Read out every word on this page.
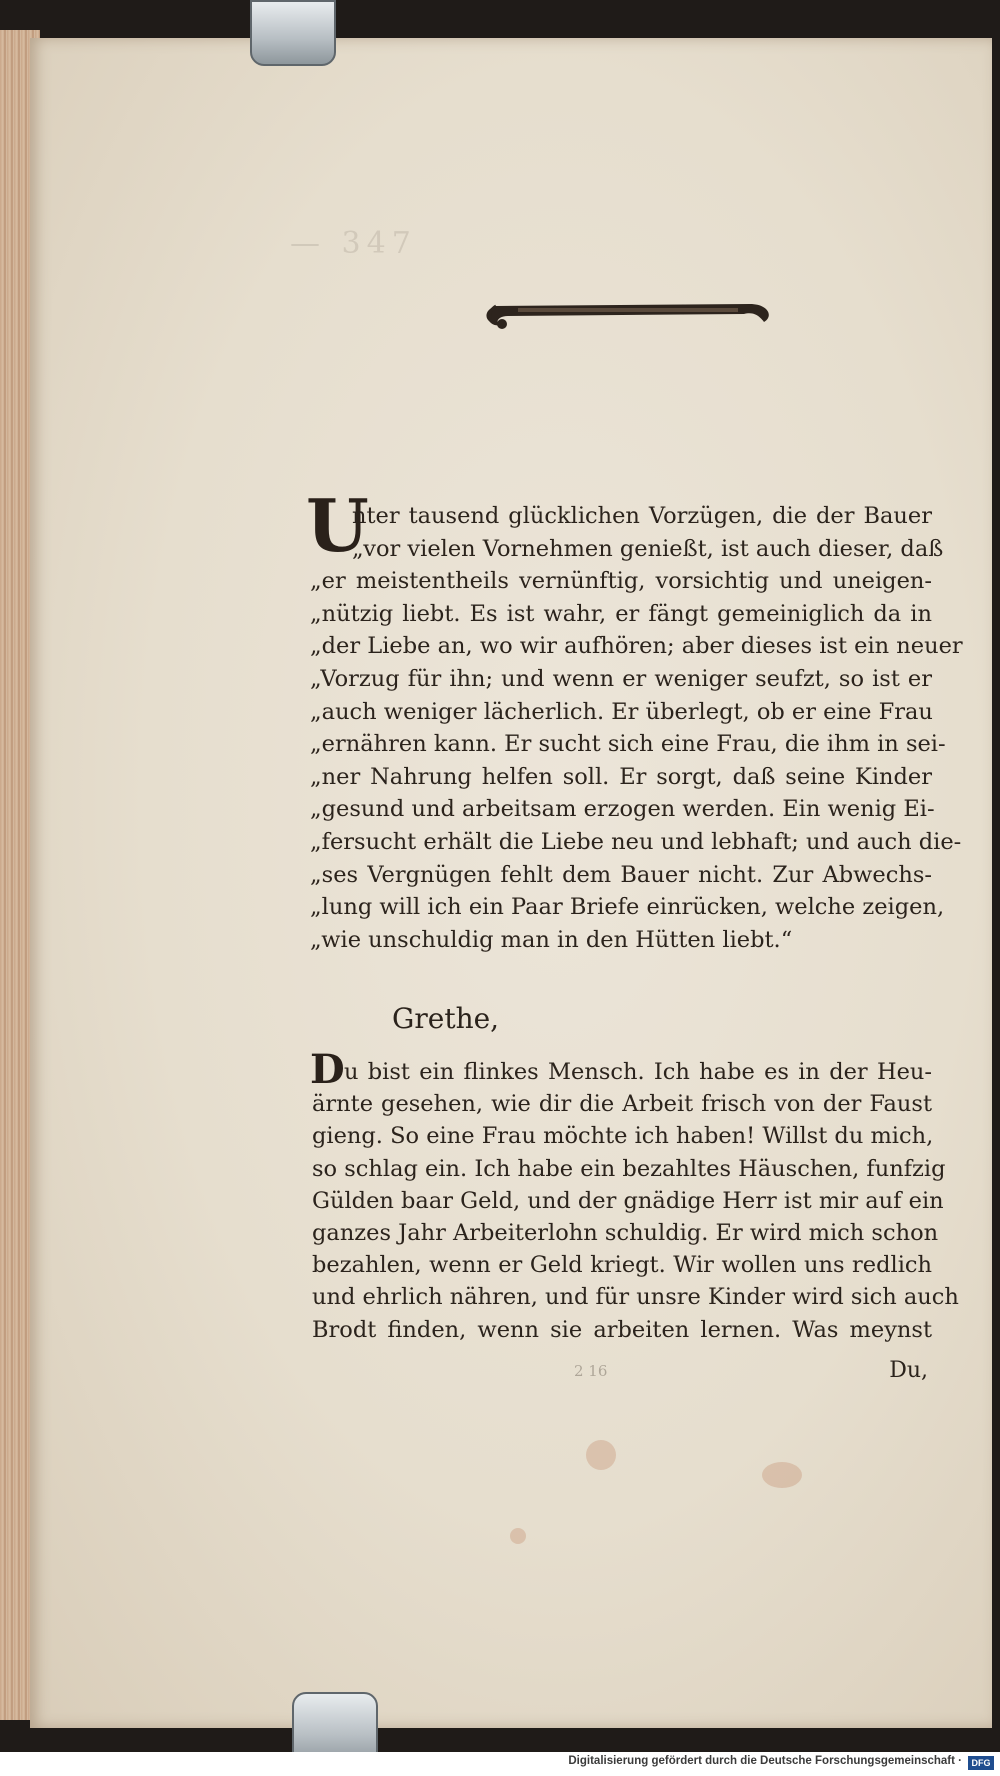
— 347
U
nter tausend glücklichen Vorzügen, die der Bauer
„vor vielen Vornehmen genießt, ist auch dieser, daß
„er meistentheils vernünftig, vorsichtig und uneigen-
„nützig liebt. Es ist wahr, er fängt gemeiniglich da in
„der Liebe an, wo wir aufhören; aber dieses ist ein neuer
„Vorzug für ihn; und wenn er weniger seufzt, so ist er
„auch weniger lächerlich. Er überlegt, ob er eine Frau
„ernähren kann. Er sucht sich eine Frau, die ihm in sei-
„ner Nahrung helfen soll. Er sorgt, daß seine Kinder
„gesund und arbeitsam erzogen werden. Ein wenig Ei-
„fersucht erhält die Liebe neu und lebhaft; und auch die-
„ses Vergnügen fehlt dem Bauer nicht. Zur Abwechs-
„lung will ich ein Paar Briefe einrücken, welche zeigen,
„wie unschuldig man in den Hütten liebt.“
Grethe,
D u bist ein flinkes Mensch. Ich habe es in der Heu-
ärnte gesehen, wie dir die Arbeit frisch von der Faust
gieng. So eine Frau möchte ich haben! Willst du mich,
so schlag ein. Ich habe ein bezahltes Häuschen, funfzig
Gülden baar Geld, und der gnädige Herr ist mir auf ein
ganzes Jahr Arbeiterlohn schuldig. Er wird mich schon
bezahlen, wenn er Geld kriegt. Wir wollen uns redlich
und ehrlich nähren, und für unsre Kinder wird sich auch
Brodt finden, wenn sie arbeiten lernen. Was meynst
2 16	Du,
Digitalisierung gefördert durch die Deutsche Forschungsgemeinschaft ·	DFG
